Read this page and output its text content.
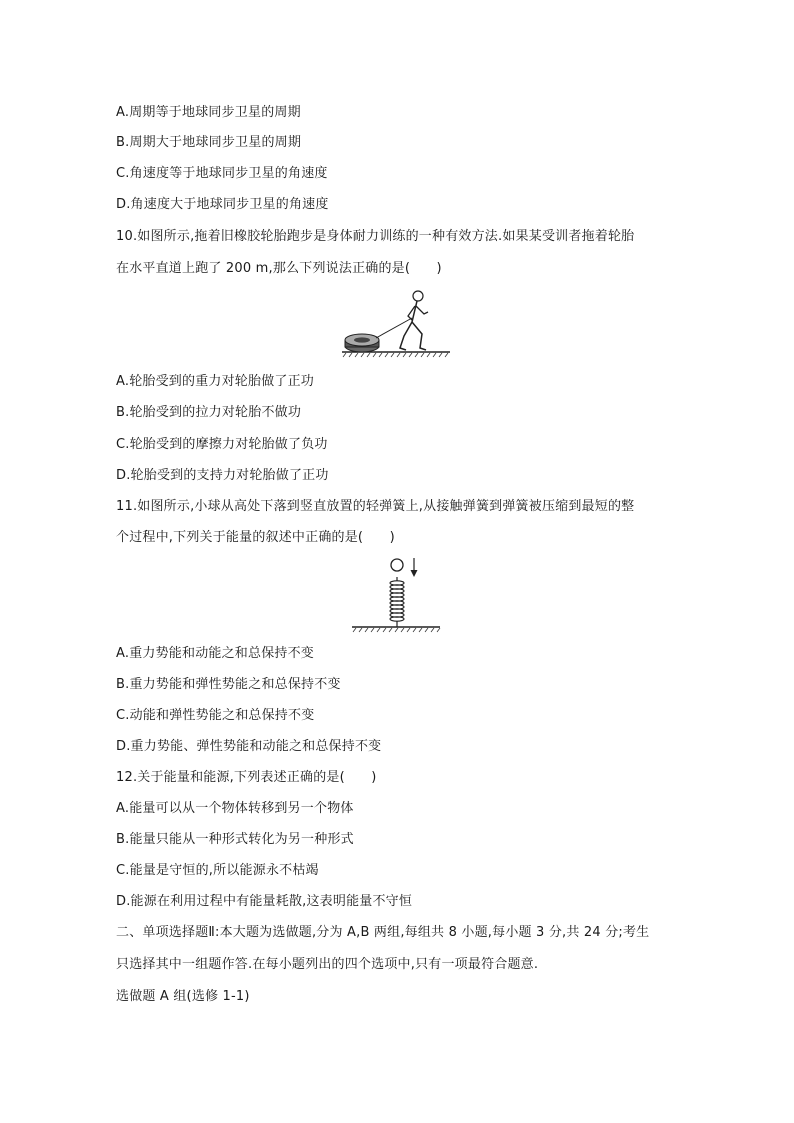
A.周期等于地球同步卫星的周期
B.周期大于地球同步卫星的周期
C.角速度等于地球同步卫星的角速度
D.角速度大于地球同步卫星的角速度
10.如图所示,拖着旧橡胶轮胎跑步是身体耐力训练的一种有效方法.如果某受训者拖着轮胎
在水平直道上跑了 200 m,那么下列说法正确的是(　　)
A.轮胎受到的重力对轮胎做了正功
B.轮胎受到的拉力对轮胎不做功
C.轮胎受到的摩擦力对轮胎做了负功
D.轮胎受到的支持力对轮胎做了正功
11.如图所示,小球从高处下落到竖直放置的轻弹簧上,从接触弹簧到弹簧被压缩到最短的整
个过程中,下列关于能量的叙述中正确的是(　　)
A.重力势能和动能之和总保持不变
B.重力势能和弹性势能之和总保持不变
C.动能和弹性势能之和总保持不变
D.重力势能、弹性势能和动能之和总保持不变
12.关于能量和能源,下列表述正确的是(　　)
A.能量可以从一个物体转移到另一个物体
B.能量只能从一种形式转化为另一种形式
C.能量是守恒的,所以能源永不枯竭
D.能源在利用过程中有能量耗散,这表明能量不守恒
二、单项选择题Ⅱ:本大题为选做题,分为 A,B 两组,每组共 8 小题,每小题 3 分,共 24 分;考生
只选择其中一组题作答.在每小题列出的四个选项中,只有一项最符合题意.
选做题 A 组(选修 1-1)
